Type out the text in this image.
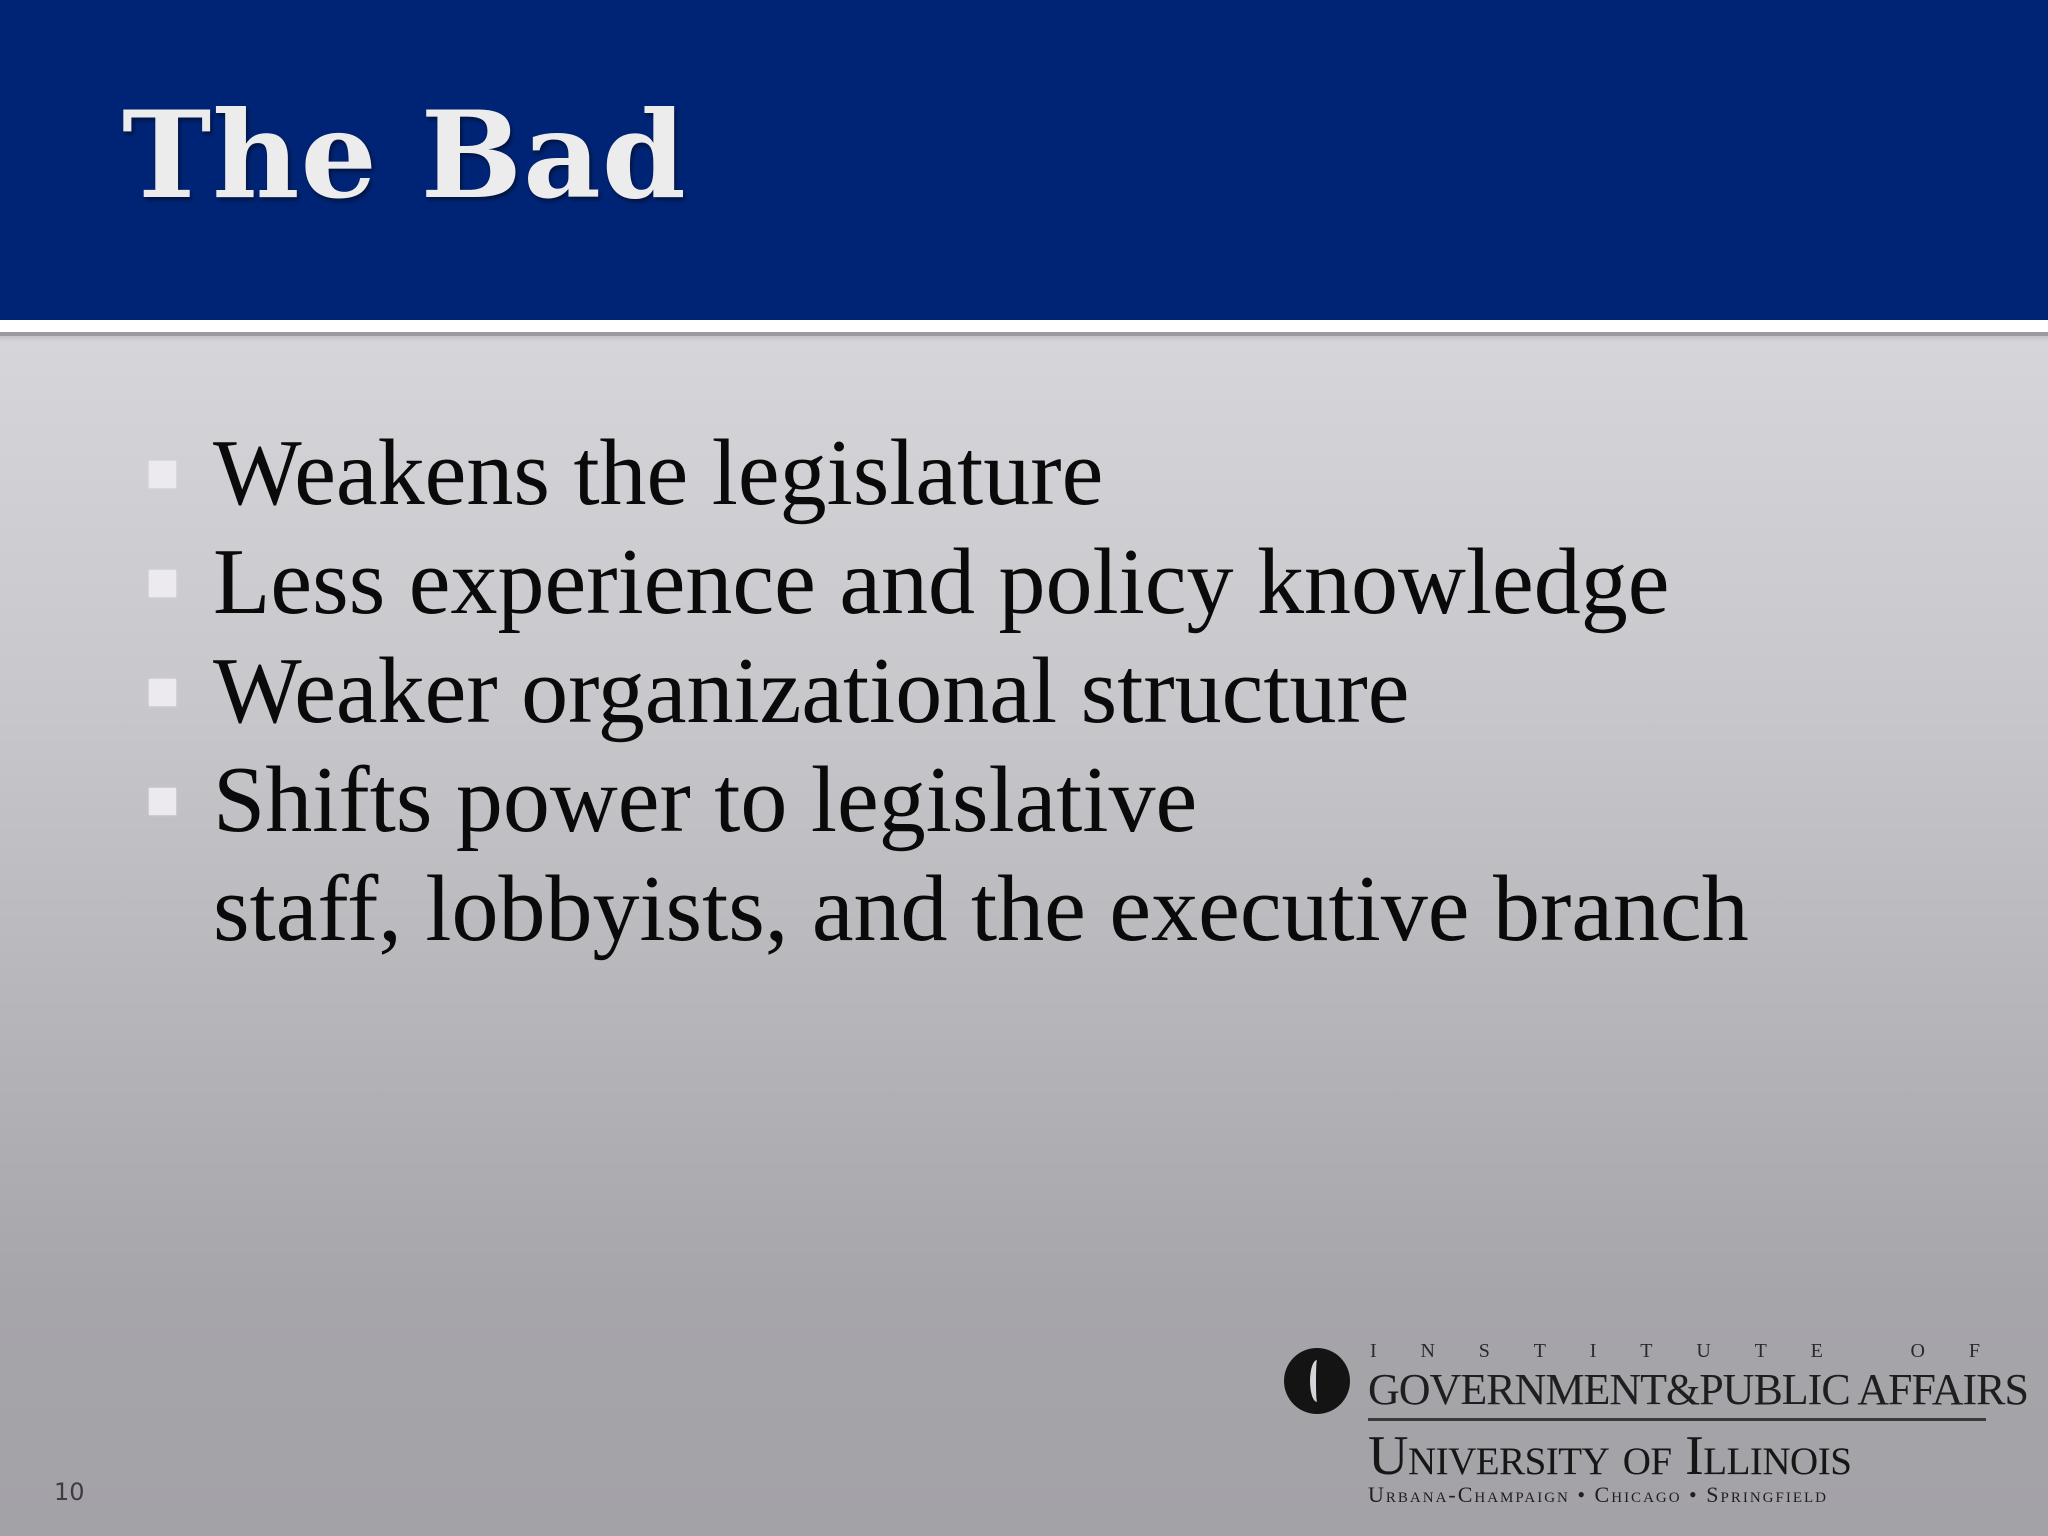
The Bad
Weakens the legislature
Less experience and policy knowledge
Weaker organizational structure
Shifts power to legislative
staff, lobbyists, and the executive branch
I N S T I T U T E	O F
GOVERNMENT&PUBLIC AFFAIRS
University of Illinois
Urbana-Champaign • Chicago • Springfield
10
